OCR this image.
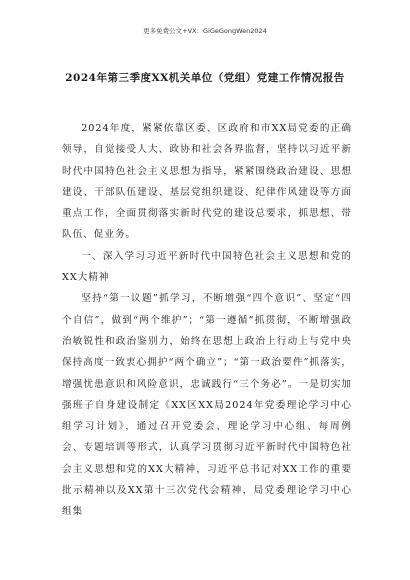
更多免费公文+VX：GiGeGongWen2024
2024年第三季度XX机关单位（党组）党建工作情况报告

2024年度，紧紧依靠区委、区政府和市XX局党委的正确领导，自觉接受人大、政协和社会各界监督，坚持以习近平新时代中国特色社会主义思想为指导，紧紧围绕政治建设、思想建设、干部队伍建设、基层党组织建设、纪律作风建设等方面重点工作，全面贯彻落实新时代党的建设总要求，抓思想、带队伍、促业务。

一、深入学习习近平新时代中国特色社会主义思想和党的XX大精神

坚持“第一议题”抓学习，不断增强“四个意识”、坚定“四个自信”，做到“两个维护”；“第一遵循”抓贯彻，不断增强政治敏锐性和政治鉴别力，始终在思想上政治上行动上与党中央保持高度一致衷心拥护“两个确立”；“第一政治要件”抓落实，增强忧患意识和风险意识，忠诚践行“三个务必”。一是切实加强班子自身建设制定《XX区XX局2024年党委理论学习中心组学习计划》，通过召开党委会、理论学习中心组、每周例会、专题培训等形式，认真学习贯彻习近平新时代中国特色社会主义思想和党的XX大精神，习近平总书记对XX工作的重要批示精神以及XX第十三次党代会精神，局党委理论学习中心组集
